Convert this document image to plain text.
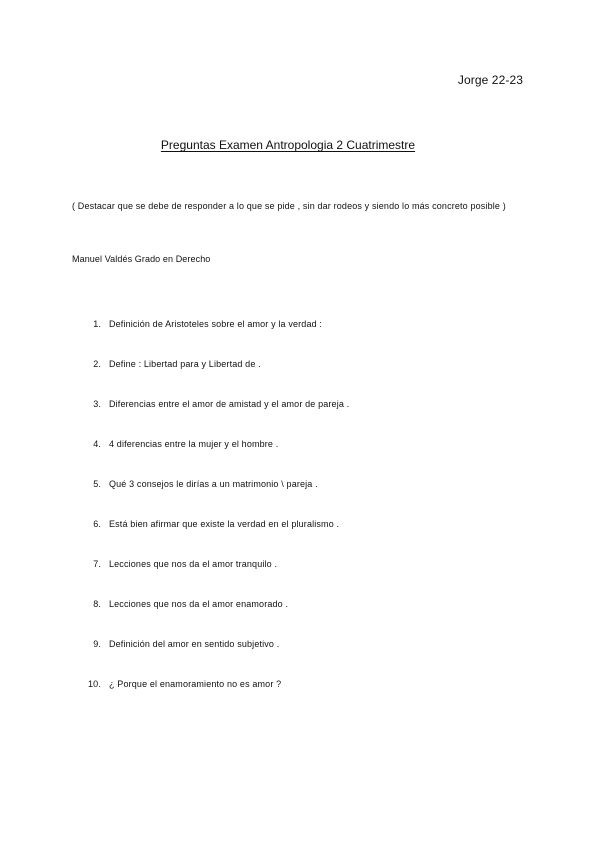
Jorge 22-23
Preguntas Examen Antropologia 2 Cuatrimestre
( Destacar que se debe de responder a lo que se pide , sin dar rodeos y siendo lo más concreto posible )
Manuel Valdés Grado en Derecho
1. Definición de Aristoteles sobre el amor y la verdad :
2. Define : Libertad para y Libertad de .
3. Diferencias entre el amor de amistad y el amor de pareja .
4. 4 diferencias entre la mujer y el hombre .
5. Qué 3 consejos le dirías a un matrimonio \ pareja .
6. Está bien afirmar que existe la verdad en el pluralismo .
7. Lecciones que nos da el amor tranquilo .
8. Lecciones que nos da el amor enamorado .
9. Definición del amor en sentido subjetivo .
10. ¿ Porque el enamoramiento no es amor ?
